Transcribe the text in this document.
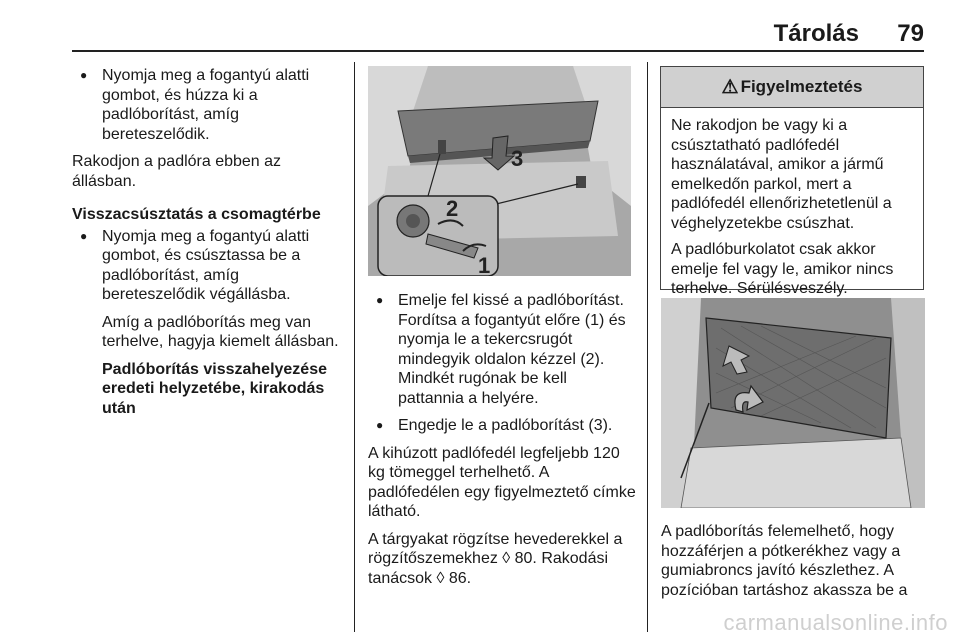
Tárolás 79
● Nyomja meg a fogantyú alatti gombot, és húzza ki a padlóborítást, amíg bereteszelődik.

Rakodjon a padlóra ebben az állásban.

Visszacsúsztatás a csomagtérbe

● Nyomja meg a fogantyú alatti gombot, és csúsztassa be a padlóborítást, amíg bereteszelődik végállásba.

Amíg a padlóborítás meg van terhelve, hagyja kiemelt állásban.

Padlóborítás visszahelyezése eredeti helyzetébe, kirakodás után

3
2
1
● Emelje fel kissé a padlóborítást. Fordítsa a fogantyút előre (1) és nyomja le a tekercsrugót mindegyik oldalon kézzel (2). Mindkét rugónak be kell pattannia a helyére.
● Engedje le a padlóborítást (3).

A kihúzott padlófedél legfeljebb 120 kg tömeggel terhelhető. A padlófedélen egy figyelmeztető címke látható.

A tárgyakat rögzítse hevederekkel a rögzítőszemekhez ◊ 80. Rakodási tanácsok ◊ 86.

⚠ Figyelmeztetés

Ne rakodjon be vagy ki a csúsztatható padlófedél használatával, amikor a jármű emelkedőn parkol, mert a padlófedél ellenőrizhetetlenül a véghelyzetekbe csúszhat.

A padlóburkolatot csak akkor emelje fel vagy le, amikor nincs terhelve. Sérülésveszély.

A padlóborítás felemelhető, hogy hozzáférjen a pótkerékhez vagy a gumiabroncs javító készlethez. A pozícióban tartáshoz akassza be a

carmanualsonline.info
